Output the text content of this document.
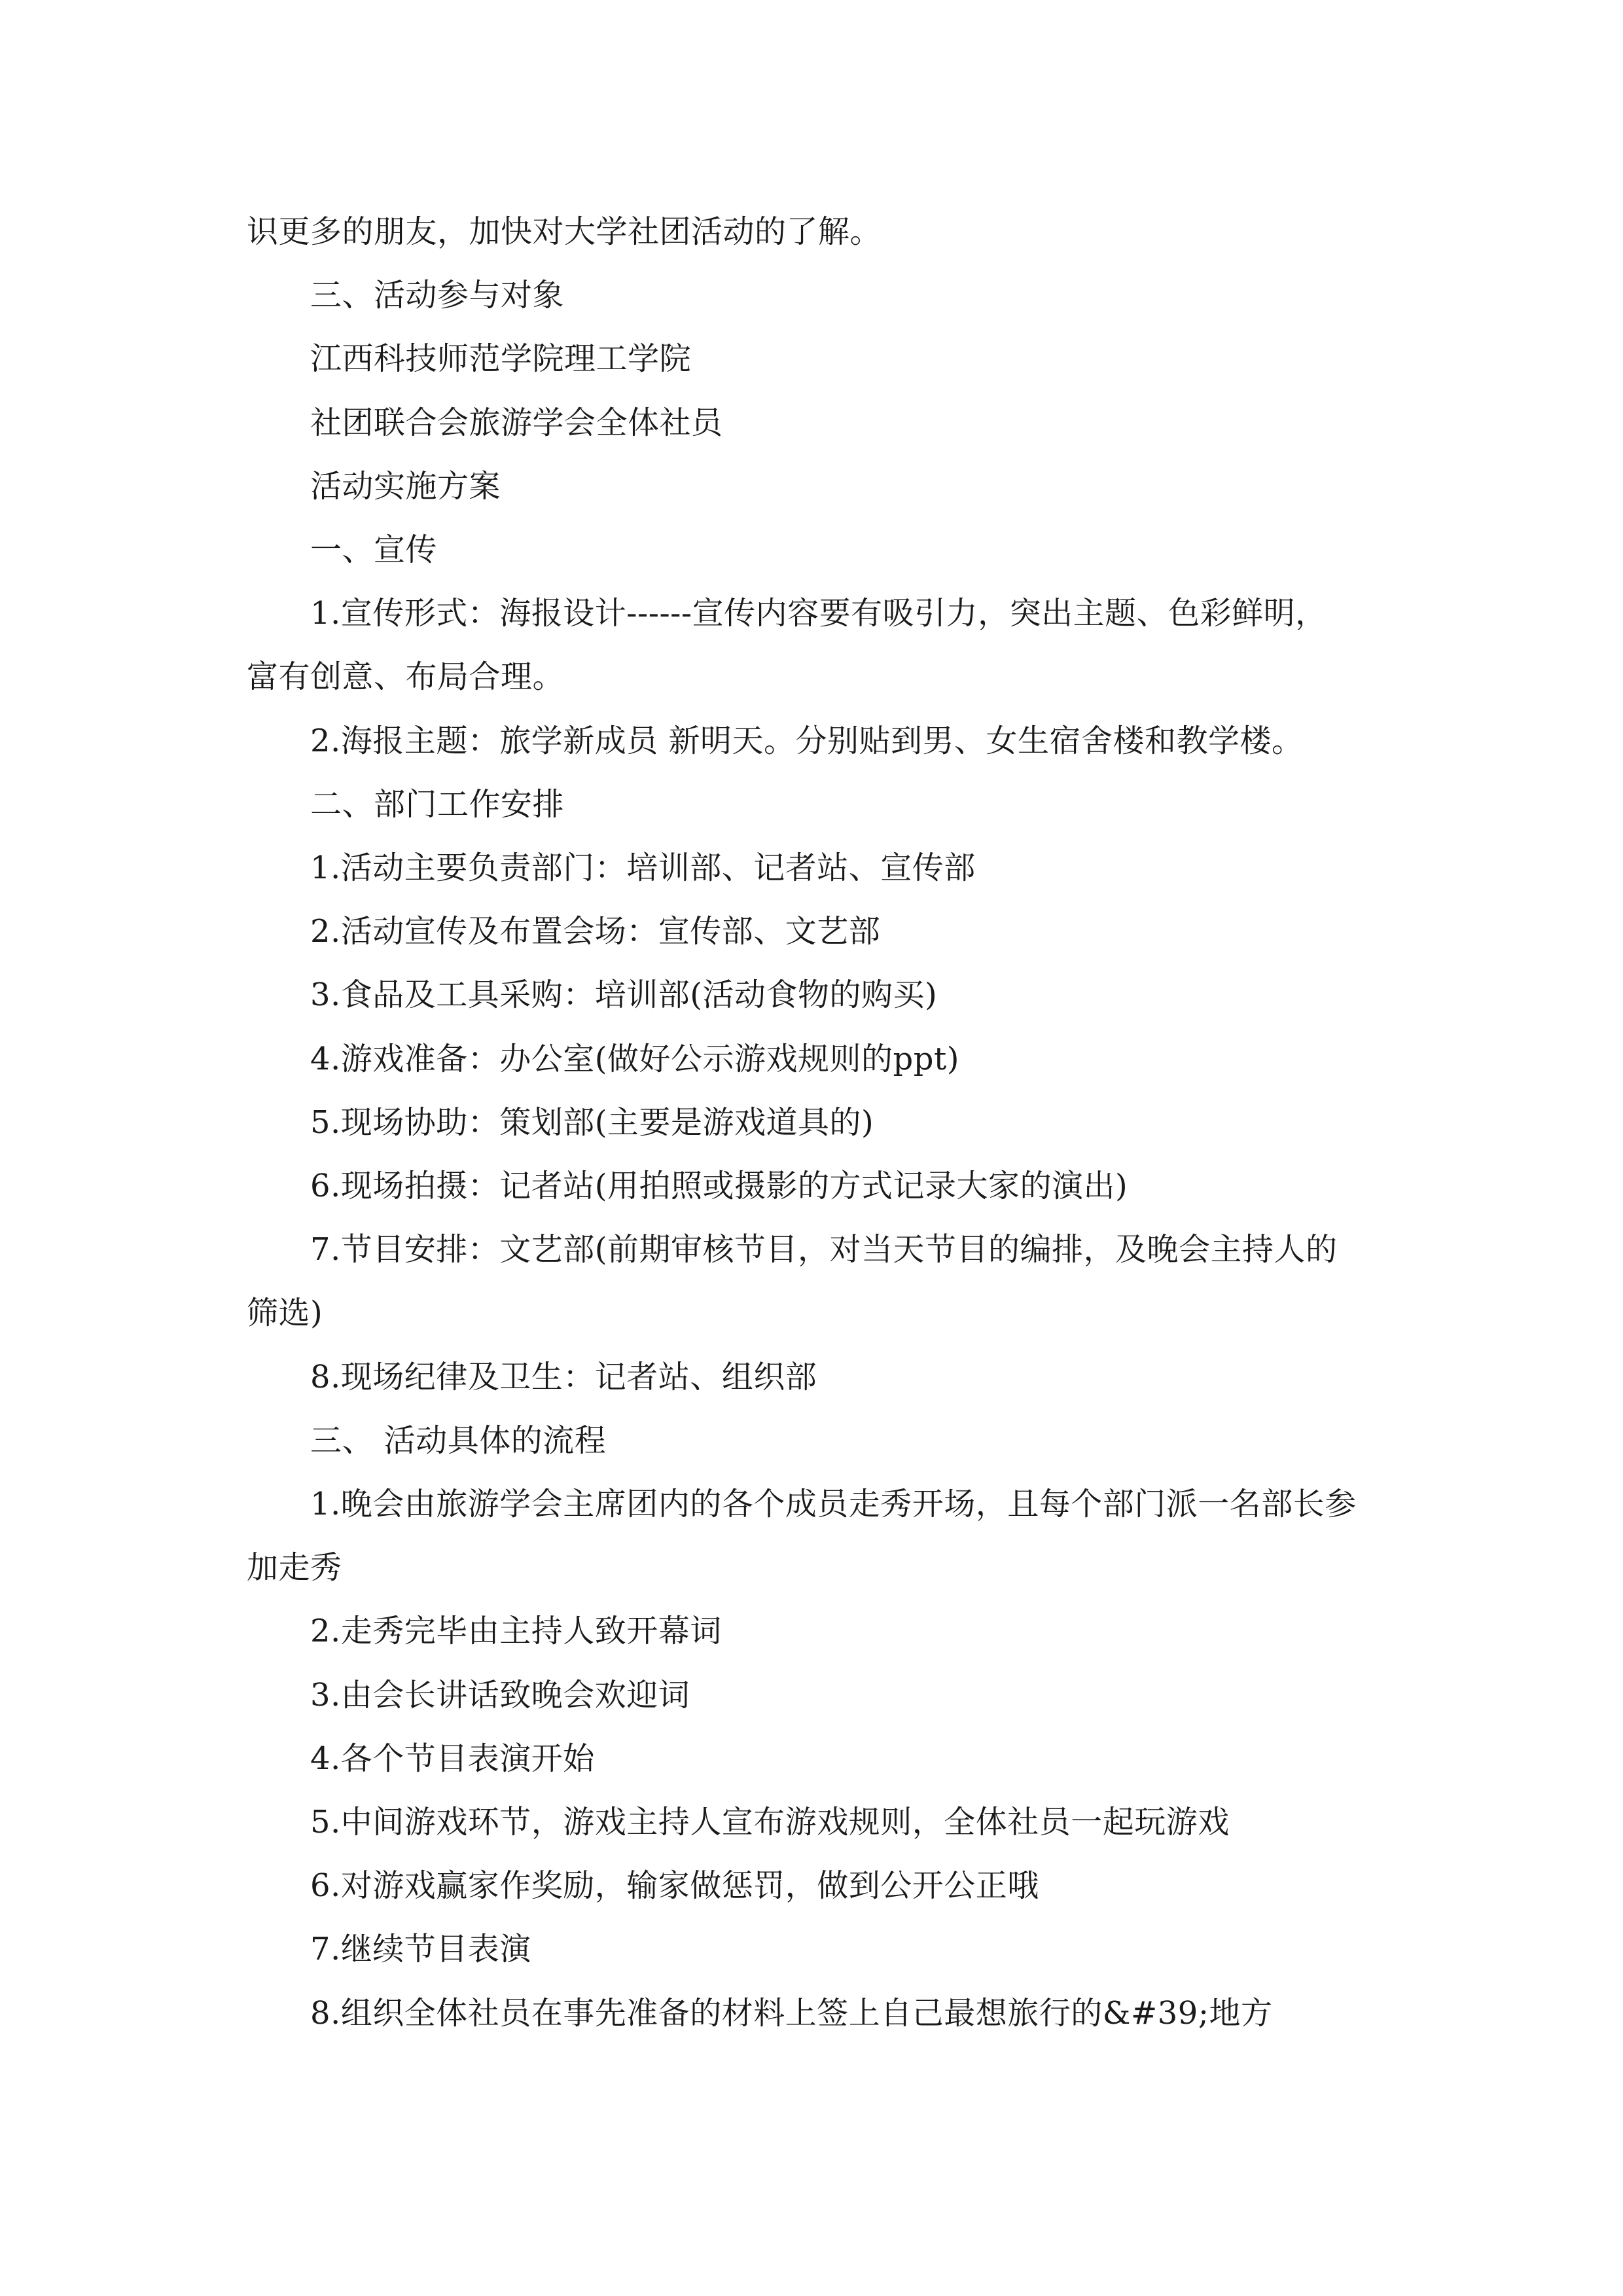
识更多的朋友，加快对大学社团活动的了解。
三、活动参与对象
江西科技师范学院理工学院
社团联合会旅游学会全体社员
活动实施方案
一、宣传
1.宣传形式：海报设计------宣传内容要有吸引力，突出主题、色彩鲜明，
富有创意、布局合理。
2.海报主题：旅学新成员 新明天。分别贴到男、女生宿舍楼和教学楼。
二、部门工作安排
1.活动主要负责部门：培训部、记者站、宣传部
2.活动宣传及布置会场：宣传部、文艺部
3.食品及工具采购：培训部(活动食物的购买)
4.游戏准备：办公室(做好公示游戏规则的ppt)
5.现场协助：策划部(主要是游戏道具的)
6.现场拍摄：记者站(用拍照或摄影的方式记录大家的演出)
7.节目安排：文艺部(前期审核节目，对当天节目的编排，及晚会主持人的
筛选)
8.现场纪律及卫生：记者站、组织部
三、 活动具体的流程
1.晚会由旅游学会主席团内的各个成员走秀开场，且每个部门派一名部长参
加走秀
2.走秀完毕由主持人致开幕词
3.由会长讲话致晚会欢迎词
4.各个节目表演开始
5.中间游戏环节，游戏主持人宣布游戏规则，全体社员一起玩游戏
6.对游戏赢家作奖励，输家做惩罚，做到公开公正哦
7.继续节目表演
8.组织全体社员在事先准备的材料上签上自己最想旅行的&#39;地方
